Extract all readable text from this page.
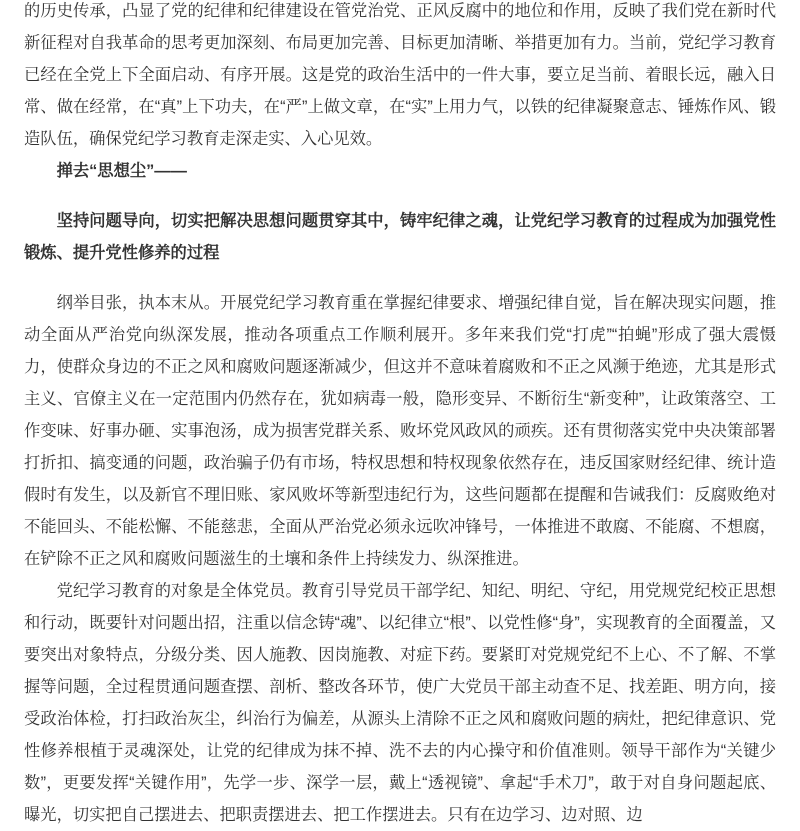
的历史传承，凸显了党的纪律和纪律建设在管党治党、正风反腐中的地位和作用，反映了我们党在新时代新征程对自我革命的思考更加深刻、布局更加完善、目标更加清晰、举措更加有力。当前，党纪学习教育已经在全党上下全面启动、有序开展。这是党的政治生活中的一件大事，要立足当前、着眼长远，融入日常、做在经常，在“真”上下功夫，在“严”上做文章，在“实”上用力气，以铁的纪律凝聚意志、锤炼作风、锻造队伍，确保党纪学习教育走深走实、入心见效。

掸去“思想尘”——

坚持问题导向，切实把解决思想问题贯穿其中，铸牢纪律之魂，让党纪学习教育的过程成为加强党性锻炼、提升党性修养的过程

纲举目张，执本末从。开展党纪学习教育重在掌握纪律要求、增强纪律自觉，旨在解决现实问题，推动全面从严治党向纵深发展，推动各项重点工作顺利展开。多年来我们党“打虎”“拍蝇”形成了强大震慑力，使群众身边的不正之风和腐败问题逐渐减少，但这并不意味着腐败和不正之风濒于绝迹，尤其是形式主义、官僚主义在一定范围内仍然存在，犹如病毒一般，隐形变异、不断衍生“新变种”，让政策落空、工作变味、好事办砸、实事泡汤，成为损害党群关系、败坏党风政风的顽疾。还有贯彻落实党中央决策部署打折扣、搞变通的问题，政治骗子仍有市场，特权思想和特权现象依然存在，违反国家财经纪律、统计造假时有发生，以及新官不理旧账、家风败坏等新型违纪行为，这些问题都在提醒和告诫我们：反腐败绝对不能回头、不能松懈、不能慈悲，全面从严治党必须永远吹冲锋号，一体推进不敢腐、不能腐、不想腐，在铲除不正之风和腐败问题滋生的土壤和条件上持续发力、纵深推进。

党纪学习教育的对象是全体党员。教育引导党员干部学纪、知纪、明纪、守纪，用党规党纪校正思想和行动，既要针对问题出招，注重以信念铸“魂”、以纪律立“根”、以党性修“身”，实现教育的全面覆盖，又要突出对象特点，分级分类、因人施教、因岗施教、对症下药。要紧盯对党规党纪不上心、不了解、不掌握等问题，全过程贯通问题查摆、剖析、整改各环节，使广大党员干部主动查不足、找差距、明方向，接受政治体检，打扫政治灰尘，纠治行为偏差，从源头上清除不正之风和腐败问题的病灶，把纪律意识、党性修养根植于灵魂深处，让党的纪律成为抹不掉、洗不去的内心操守和价值准则。领导干部作为“关键少数”，更要发挥“关键作用”，先学一步、深学一层，戴上“透视镜”、拿起“手术刀”，敢于对自身问题起底、曝光，切实把自己摆进去、把职责摆进去、把工作摆进去。只有在边学习、边对照、边
